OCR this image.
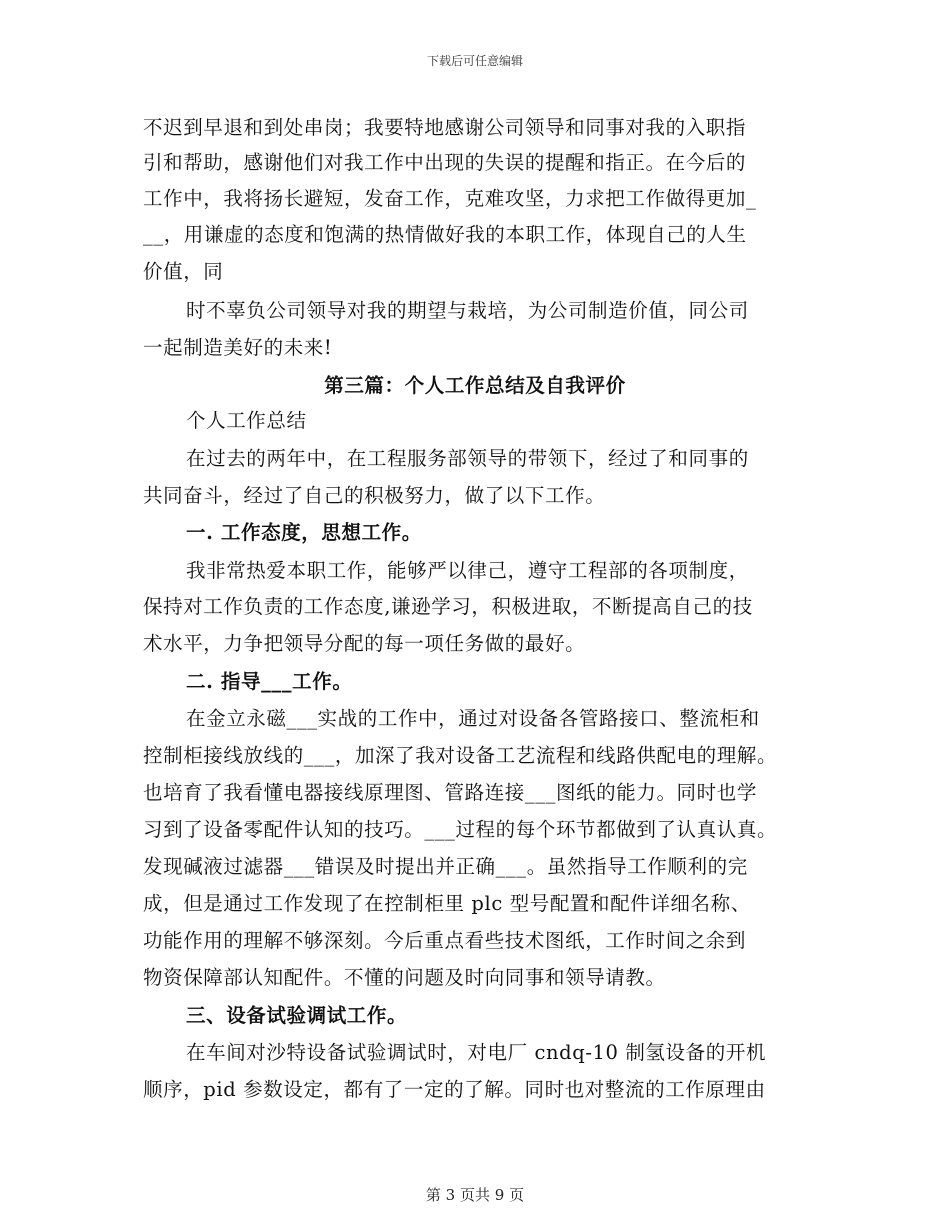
下载后可任意编辑
不迟到早退和到处串岗；我要特地感谢公司领导和同事对我的入职指
引和帮助，感谢他们对我工作中出现的失误的提醒和指正。在今后的
工作中，我将扬长避短，发奋工作，克难攻坚，力求把工作做得更加_
__，用谦虚的态度和饱满的热情做好我的本职工作，体现自己的人生
价值，同
时不辜负公司领导对我的期望与栽培，为公司制造价值，同公司
一起制造美好的未来!
第三篇：个人工作总结及自我评价
个人工作总结
在过去的两年中，在工程服务部领导的带领下，经过了和同事的
共同奋斗，经过了自己的积极努力，做了以下工作。
一. 工作态度，思想工作。
我非常热爱本职工作，能够严以律己，遵守工程部的各项制度，
保持对工作负责的工作态度,谦逊学习，积极进取，不断提高自己的技
术水平，力争把领导分配的每一项任务做的最好。
二. 指导___工作。
在金立永磁___实战的工作中，通过对设备各管路接口、整流柜和
控制柜接线放线的___，加深了我对设备工艺流程和线路供配电的理解。
也培育了我看懂电器接线原理图、管路连接___图纸的能力。同时也学
习到了设备零配件认知的技巧。___过程的每个环节都做到了认真认真。
发现碱液过滤器___错误及时提出并正确___。虽然指导工作顺利的完
成，但是通过工作发现了在控制柜里 plc 型号配置和配件详细名称、
功能作用的理解不够深刻。今后重点看些技术图纸，工作时间之余到
物资保障部认知配件。不懂的问题及时向同事和领导请教。
三、设备试验调试工作。
在车间对沙特设备试验调试时，对电厂 cndq-10 制氢设备的开机
顺序，pid 参数设定，都有了一定的了解。同时也对整流的工作原理由
第 3 页共 9 页
